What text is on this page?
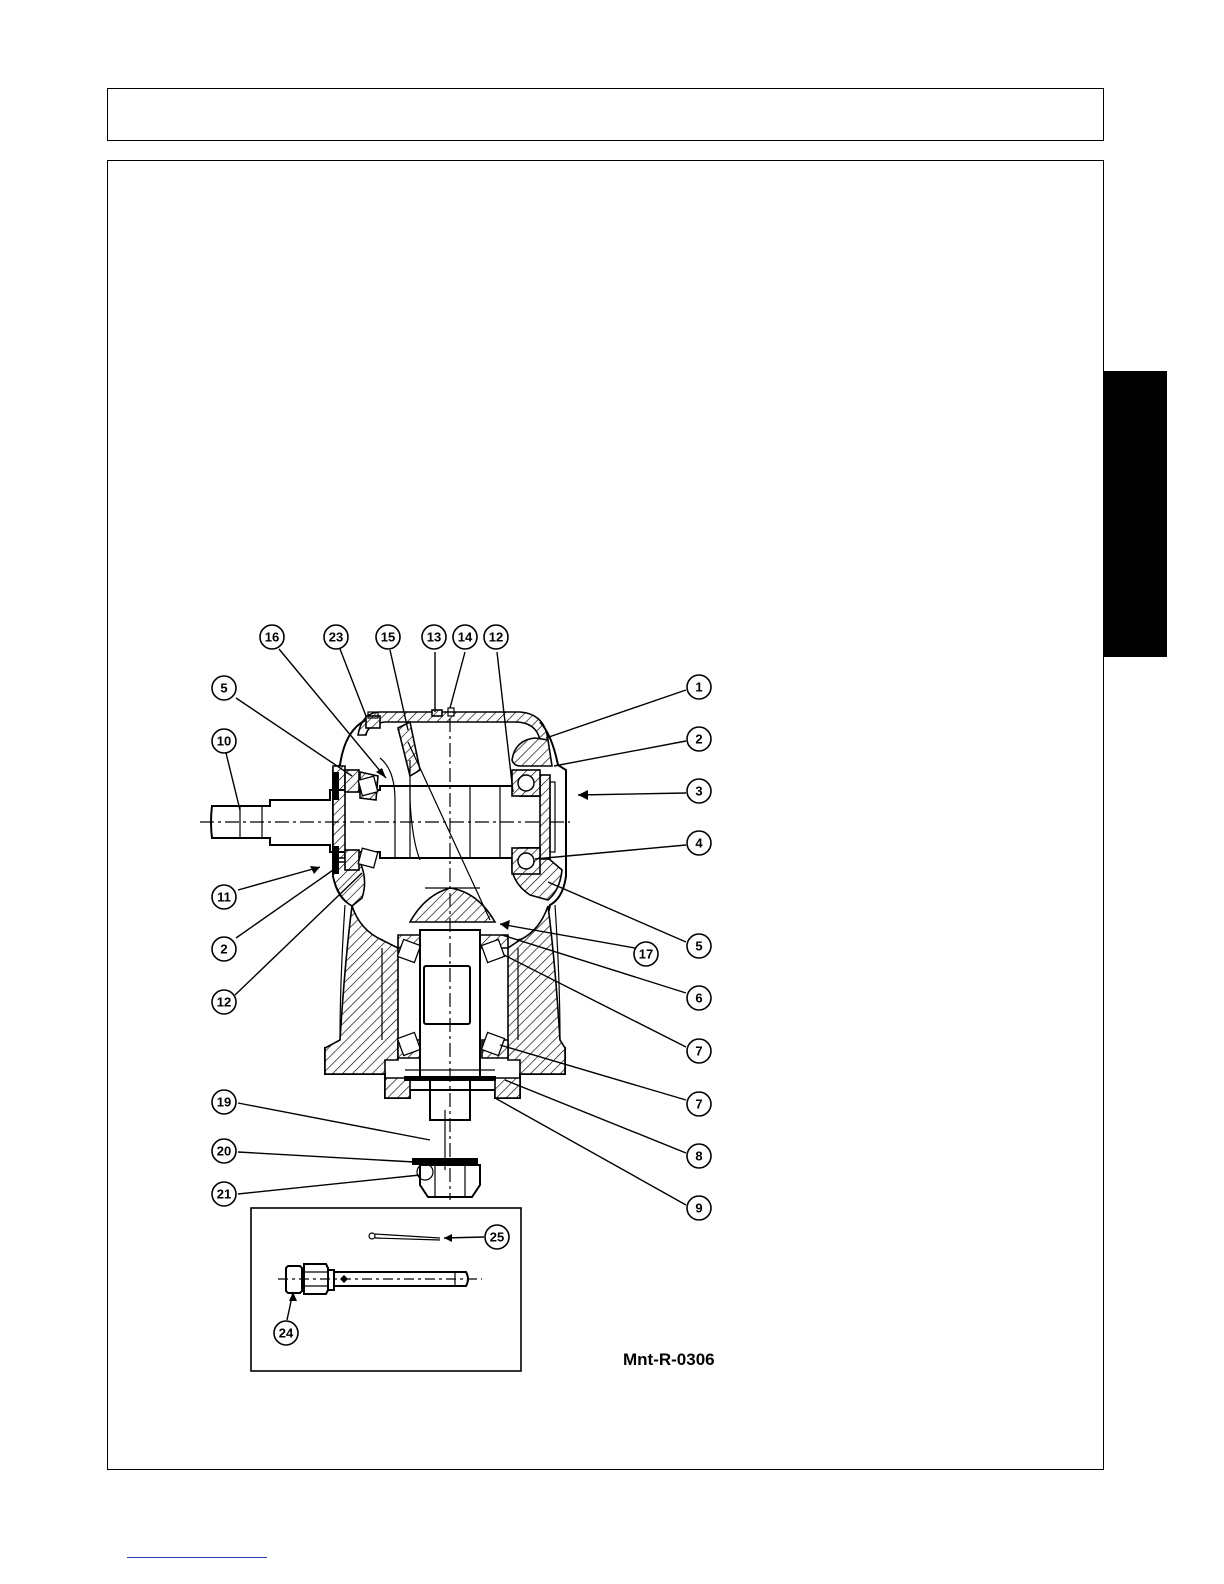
16	23	15 13 14 12
5
10
11
2
12
1
2
3
4
5
17
6
7
7
8
9
19
20
21
25
24
Mnt-R-0306
